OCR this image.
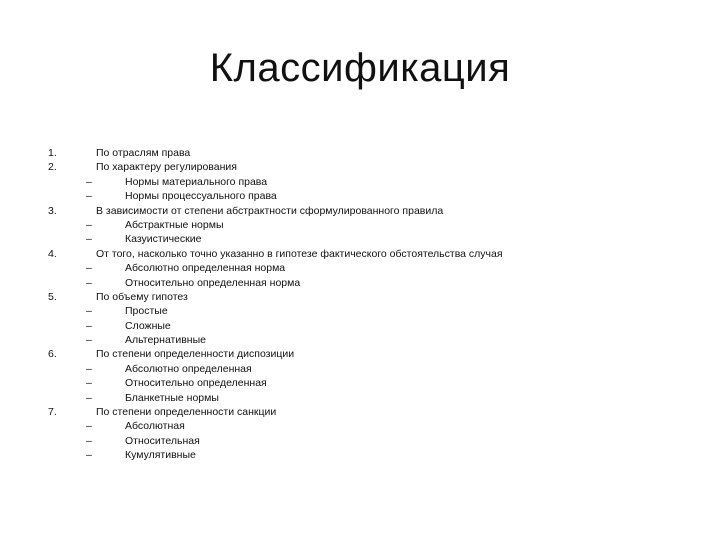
Классификация
1.	По отраслям права
2.	По характеру регулирования
–	Нормы материального права
–	Нормы процессуального права
3.	В зависимости от степени абстрактности сформулированного правила
–	Абстрактные нормы
–	Казуистические
4.	От того, насколько точно указанно в гипотезе фактического обстоятельства случая
–	Абсолютно определенная норма
–	Относительно определенная норма
5.	По объему гипотез
–	Простые
–	Сложные
–	Альтернативные
6.	По степени определенности диспозиции
–	Абсолютно определенная
–	Относительно определенная
–	Бланкетные нормы
7.	По степени определенности санкции
–	Абсолютная
–	Относительная
–	Кумулятивные
